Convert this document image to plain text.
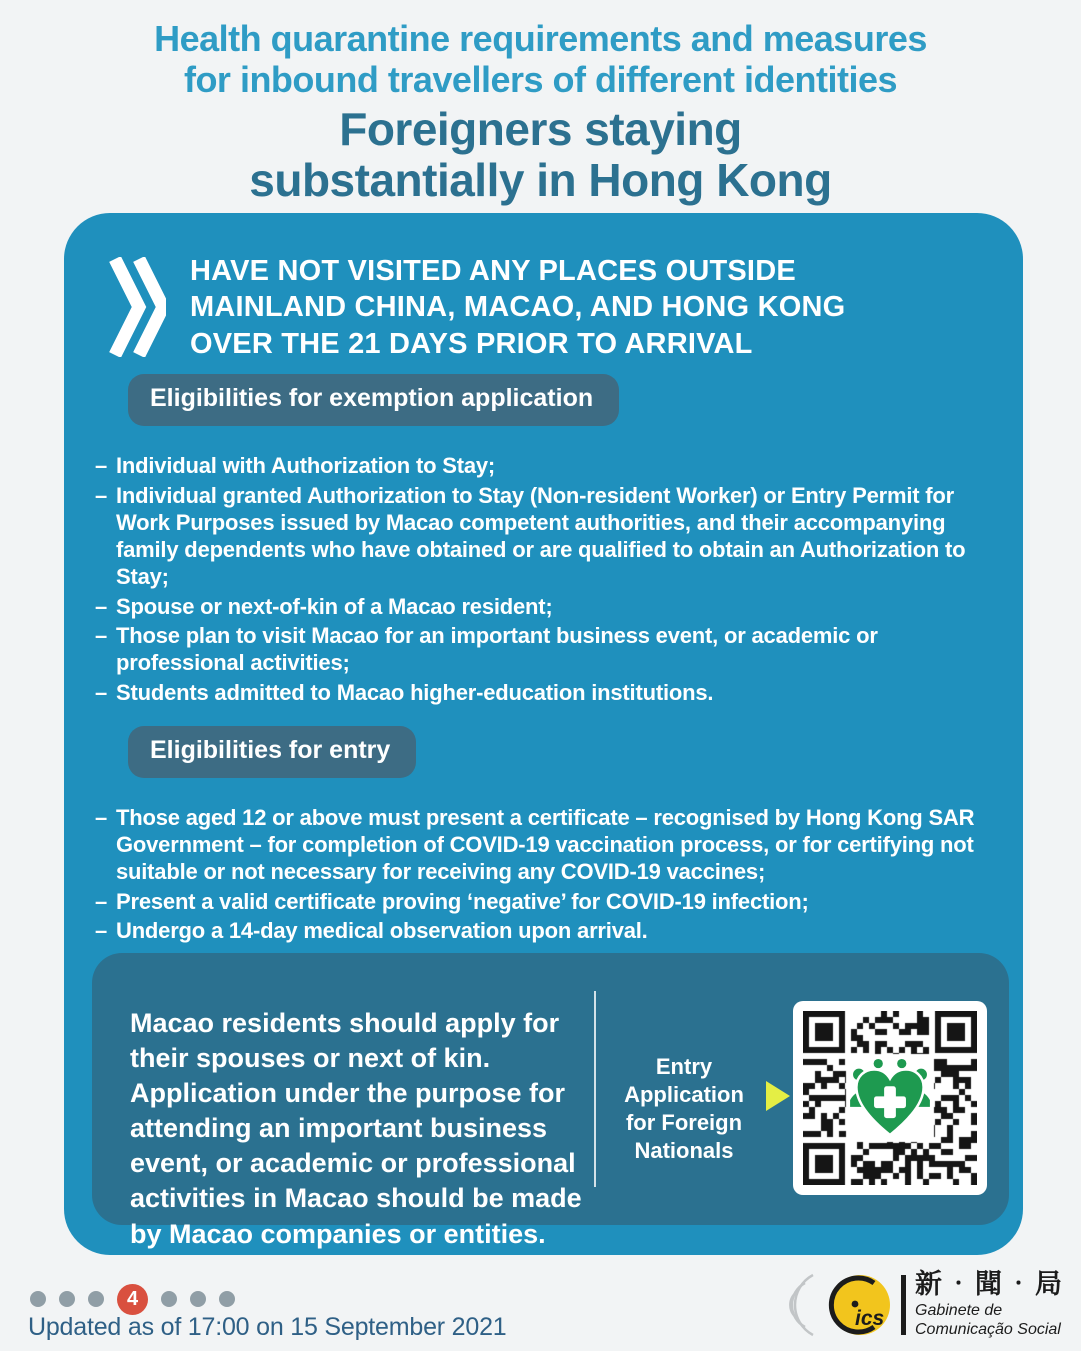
Health quarantine requirements and measures
for inbound travellers of different identities
Foreigners staying
substantially in Hong Kong
HAVE NOT VISITED ANY PLACES OUTSIDE
MAINLAND CHINA, MACAO, AND HONG KONG
OVER THE 21 DAYS PRIOR TO ARRIVAL
Eligibilities for exemption application
– Individual with Authorization to Stay;
– Individual granted Authorization to Stay (Non-resident Worker) or Entry Permit for Work Purposes issued by Macao competent authorities, and their accompanying family dependents who have obtained or are qualified to obtain an Authorization to Stay;
– Spouse or next-of-kin of a Macao resident;
– Those plan to visit Macao for an important business event, or academic or professional activities;
– Students admitted to Macao higher-education institutions.
Eligibilities for entry
– Those aged 12 or above must present a certificate – recognised by Hong Kong SAR Government – for completion of COVID-19 vaccination process, or for certifying not suitable or not necessary for receiving any COVID-19 vaccines;
– Present a valid certificate proving ‘negative’ for COVID-19 infection;
– Undergo a 14-day medical observation upon arrival.

Macao residents should apply for their spouses or next of kin. Application under the purpose for attending an important business event, or academic or professional activities in Macao should be made by Macao companies or entities.

Entry Application
for Foreign
Nationals
4
Updated as of 17:00 on 15 September 2021	ics
新‧聞‧局
Gabinete de
Comunicação Social
